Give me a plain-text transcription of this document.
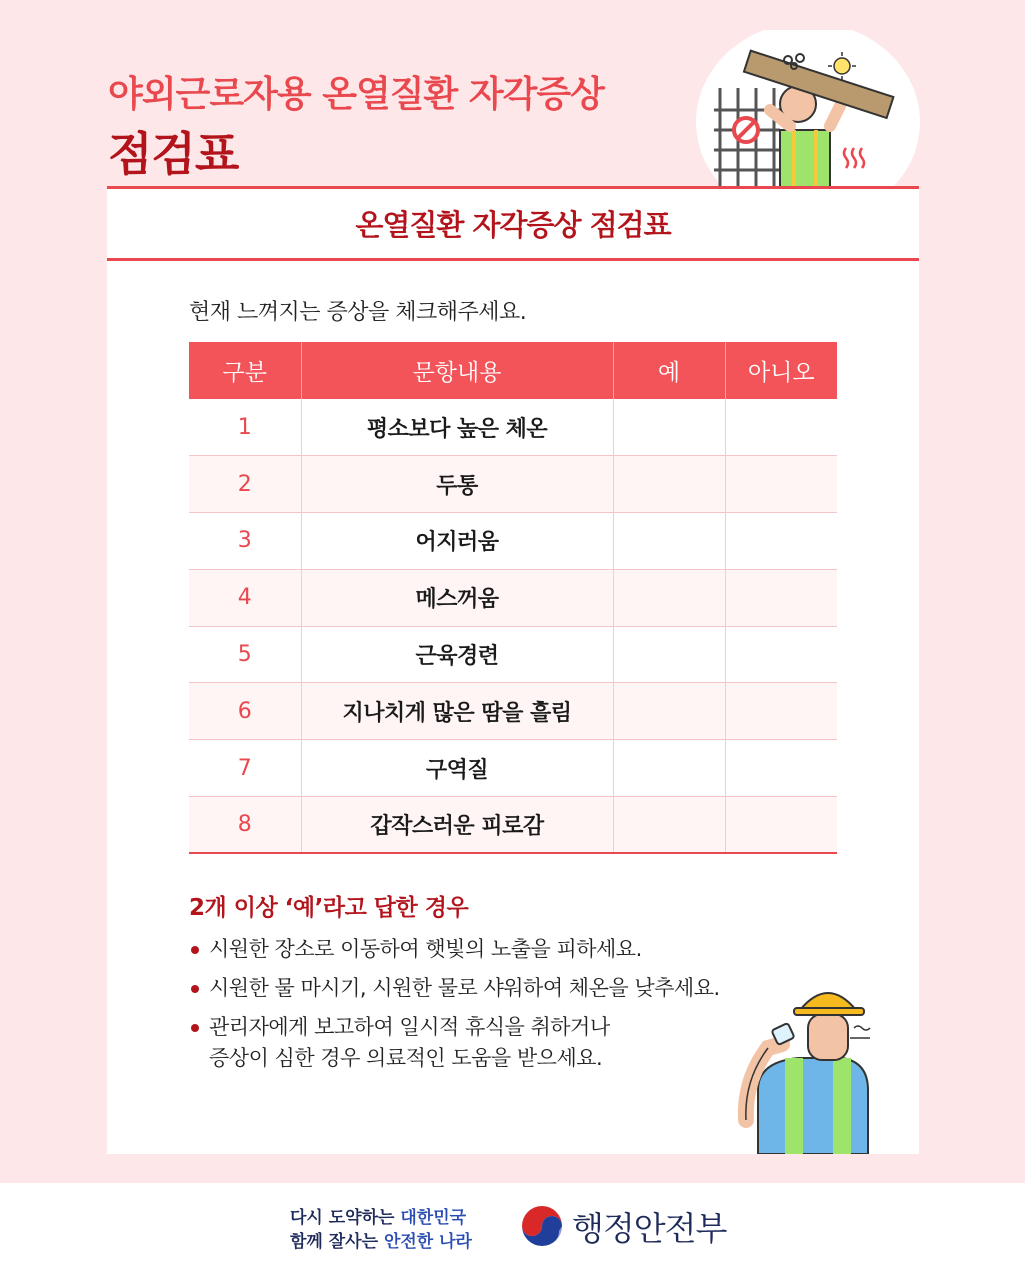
야외근로자용 온열질환 자각증상
점검표
온열질환 자각증상 점검표
현재 느껴지는 증상을 체크해주세요.
구분	문항내용	예	아니오
1	평소보다 높은 체온		
2	두통		
3	어지러움		
4	메스꺼움		
5	근육경련		
6	지나치게 많은 땀을 흘림		
7	구역질		
8	갑작스러운 피로감		
2개 이상 ‘예’라고 답한 경우
시원한 장소로 이동하여 햇빛의 노출을 피하세요.
시원한 물 마시기, 시원한 물로 샤워하여 체온을 낮추세요.
관리자에게 보고하여 일시적 휴식을 취하거나
증상이 심한 경우 의료적인 도움을 받으세요.
다시 도약하는 대한민국
함께 잘사는 안전한 나라	행정안전부
